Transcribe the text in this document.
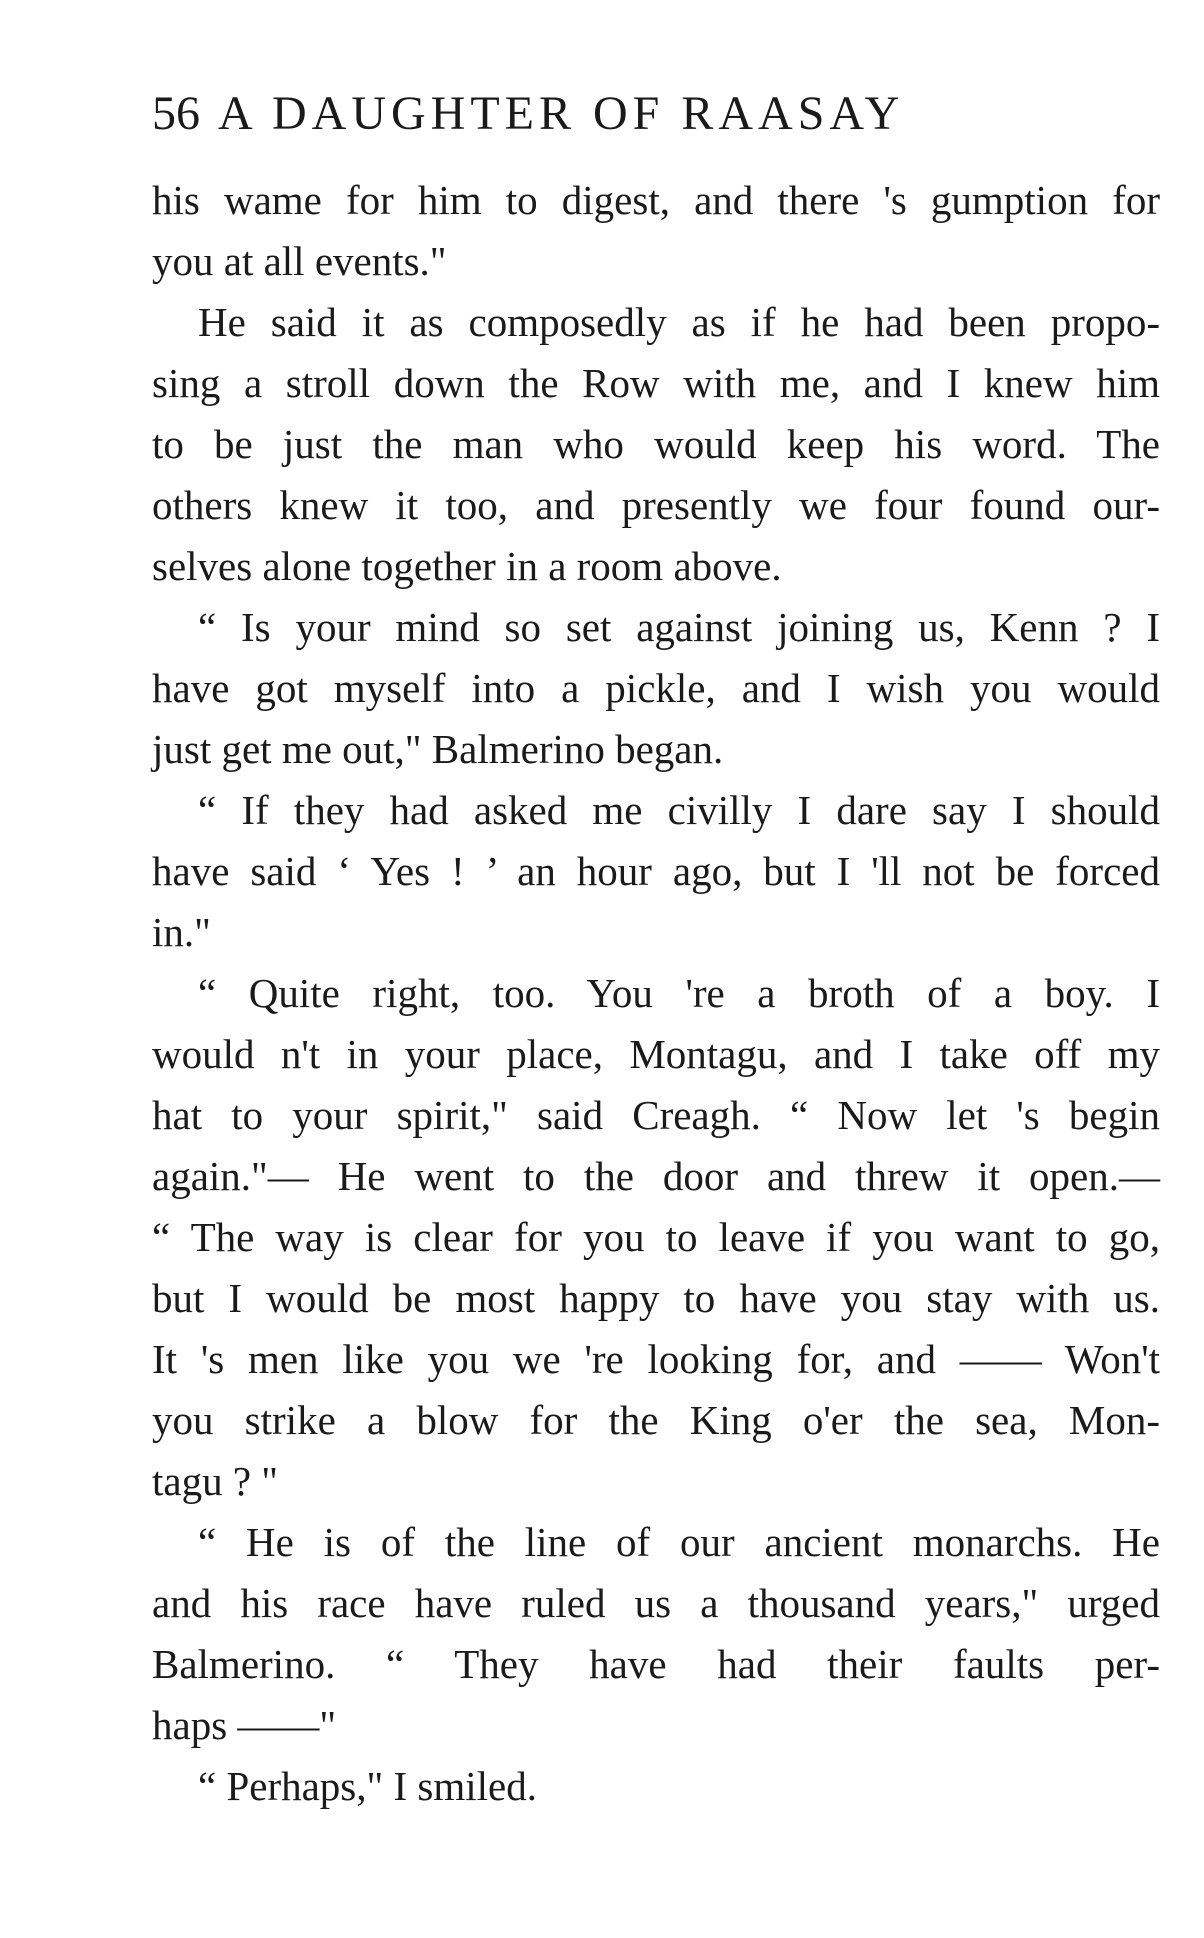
56 A DAUGHTER OF RAASAY
his wame for him to digest, and there 's gumption for
you at all events."
He said it as composedly as if he had been propo-
sing a stroll down the Row with me, and I knew him
to be just the man who would keep his word. The
others knew it too, and presently we four found our-
selves alone together in a room above.
“ Is your mind so set against joining us, Kenn ? I
have got myself into a pickle, and I wish you would
just get me out," Balmerino began.
“ If they had asked me civilly I dare say I should
have said ‘ Yes ! ’ an hour ago, but I 'll not be forced
in."
“ Quite right, too. You 're a broth of a boy. I
would n't in your place, Montagu, and I take off my
hat to your spirit," said Creagh. “ Now let 's begin
again."— He went to the door and threw it open.—
“ The way is clear for you to leave if you want to go,
but I would be most happy to have you stay with us.
It 's men like you we 're looking for, and —— Won't
you strike a blow for the King o'er the sea, Mon-
tagu ? "
“ He is of the line of our ancient monarchs. He
and his race have ruled us a thousand years," urged
Balmerino. “ They have had their faults per-
haps ——"
“ Perhaps," I smiled.
